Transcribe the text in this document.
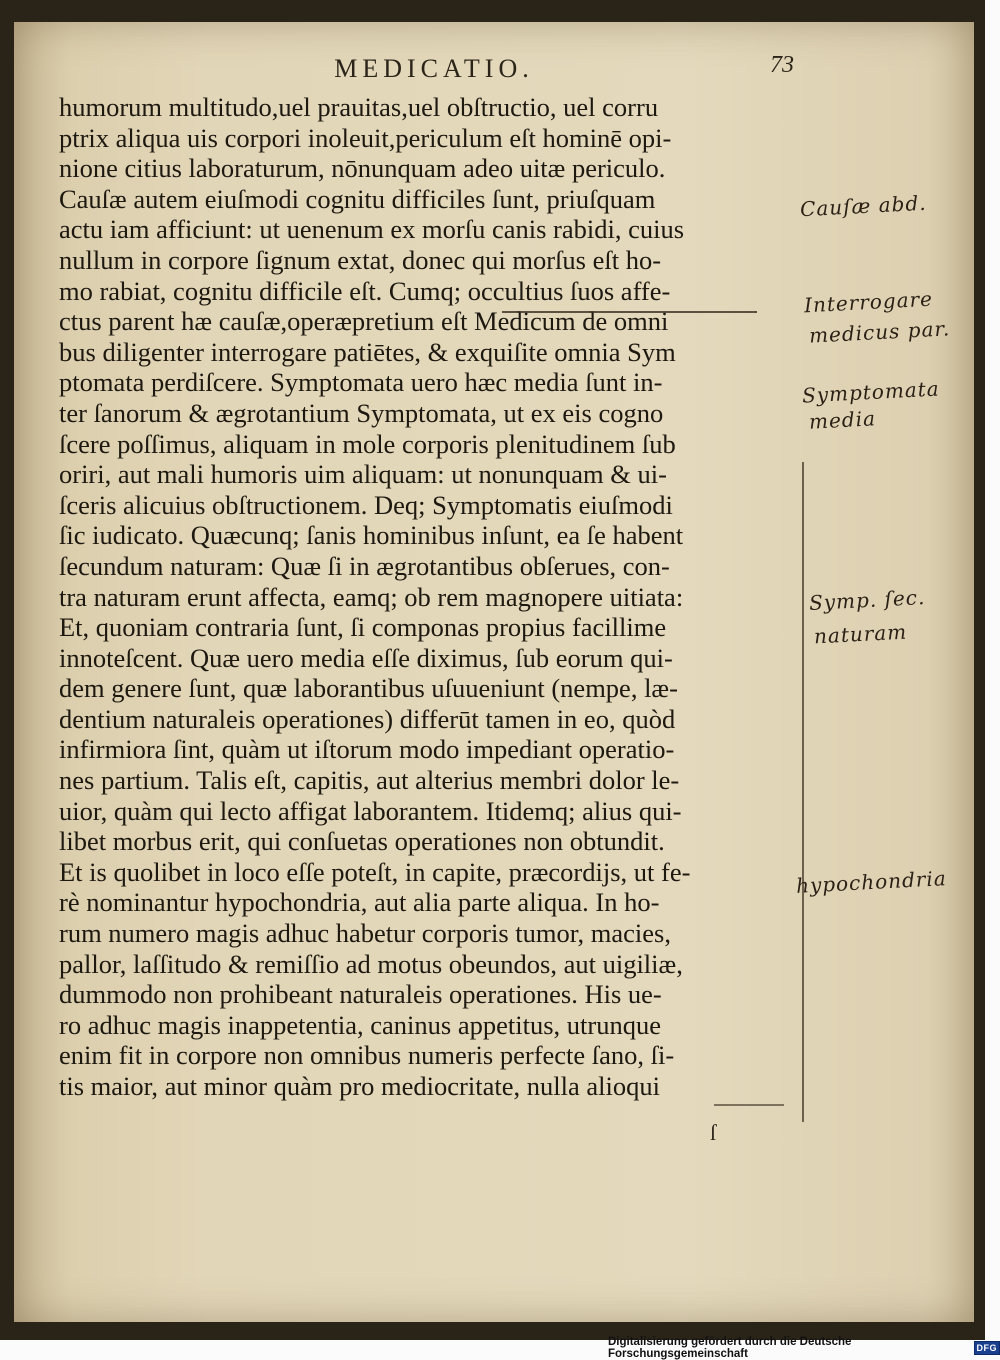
MEDICATIO.	73
humorum multitudo,uel prauitas,uel obſtructio, uel corru
ptrix aliqua uis corpori inoleuit,periculum eſt hominē opi-
nione citius laboraturum, nōnunquam adeo uitæ periculo.
Cauſæ autem eiuſmodi cognitu difficiles ſunt, priuſquam
actu iam afficiunt: ut uenenum ex morſu canis rabidi, cuius
nullum in corpore ſignum extat, donec qui morſus eſt ho-
mo rabiat, cognitu difficile eſt. Cumq; occultius ſuos affe-
ctus parent hæ cauſæ,operæpretium eſt Medicum de omni
bus diligenter interrogare patiētes, & exquiſite omnia Sym
ptomata perdiſcere. Symptomata uero hæc media ſunt in-
ter ſanorum & ægrotantium Symptomata, ut ex eis cogno
ſcere poſſimus, aliquam in mole corporis plenitudinem ſub
oriri, aut mali humoris uim aliquam: ut nonunquam & ui-
ſceris alicuius obſtructionem. Deq; Symptomatis eiuſmodi
ſic iudicato. Quæcunq; ſanis hominibus inſunt, ea ſe habent
ſecundum naturam: Quæ ſi in ægrotantibus obſerues, con-
tra naturam erunt affecta, eamq; ob rem magnopere uitiata:
Et, quoniam contraria ſunt, ſi componas propius facillime
innoteſcent. Quæ uero media eſſe diximus, ſub eorum qui-
dem genere ſunt, quæ laborantibus uſuueniunt (nempe, læ-
dentium naturaleis operationes) differūt tamen in eo, quòd
infirmiora ſint, quàm ut iſtorum modo impediant operatio-
nes partium. Talis eſt, capitis, aut alterius membri dolor le-
uior, quàm qui lecto affigat laborantem. Itidemq; alius qui-
libet morbus erit, qui conſuetas operationes non obtundit.
Et is quolibet in loco eſſe poteſt, in capite, præcordijs, ut fe-
rè nominantur hypochondria, aut alia parte aliqua. In ho-
rum numero magis adhuc habetur corporis tumor, macies,
pallor, laſſitudo & remiſſio ad motus obeundos, aut uigiliæ,
dummodo non prohibeant naturaleis operationes. His ue-
ro adhuc magis inappetentia, caninus appetitus, utrunque
enim fit in corpore non omnibus numeris perfecte ſano, ſi-
tis maior, aut minor quàm pro mediocritate, nulla alioqui
Cauſæ abd.
Interrogare
medicus par.
Symptomata
media
Symp. ſec.
naturam
hypochondria
ſ
Digitalisierung gefördert durch die Deutsche Forschungsgemeinschaft	DFG
